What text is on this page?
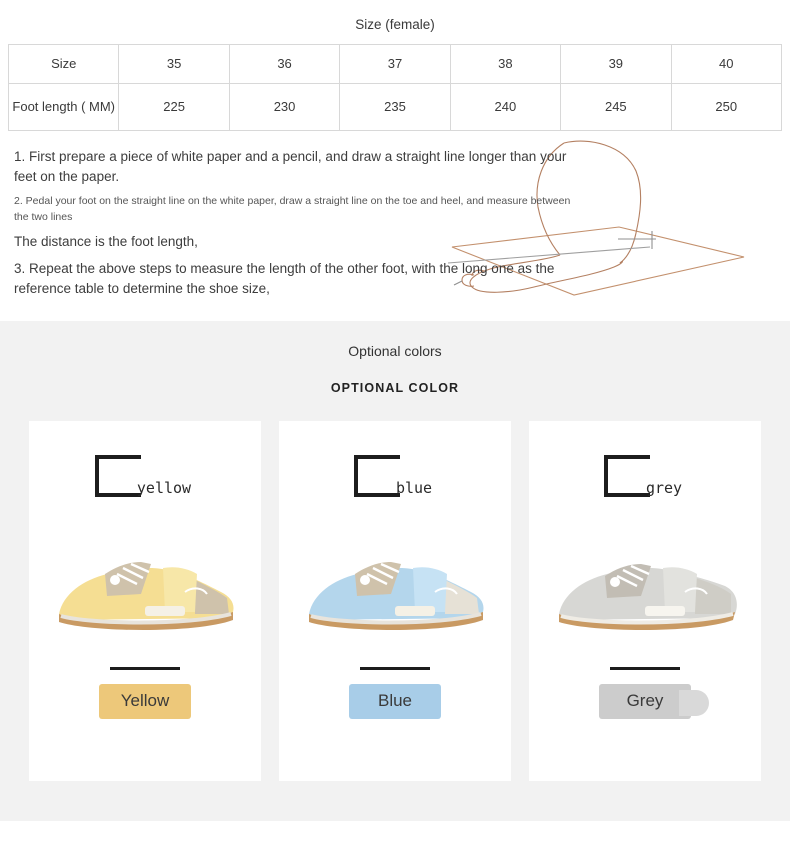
Size (female)						
Size	35	36	37	38	39	40
Foot length ( MM)	225	230	235	240	245	250

1. First prepare a piece of white paper and a pencil, and draw a straight line longer than your feet on the paper.

2. Pedal your foot on the straight line on the white paper, draw a straight line on the toe and heel, and measure between the two lines

The distance is the foot length,

3. Repeat the above steps to measure the length of the other foot, with the long one as the reference table to determine the shoe size,

Optional colors
OPTIONAL COLOR
yellow
Yellow
blue
Blue
grey
Grey
